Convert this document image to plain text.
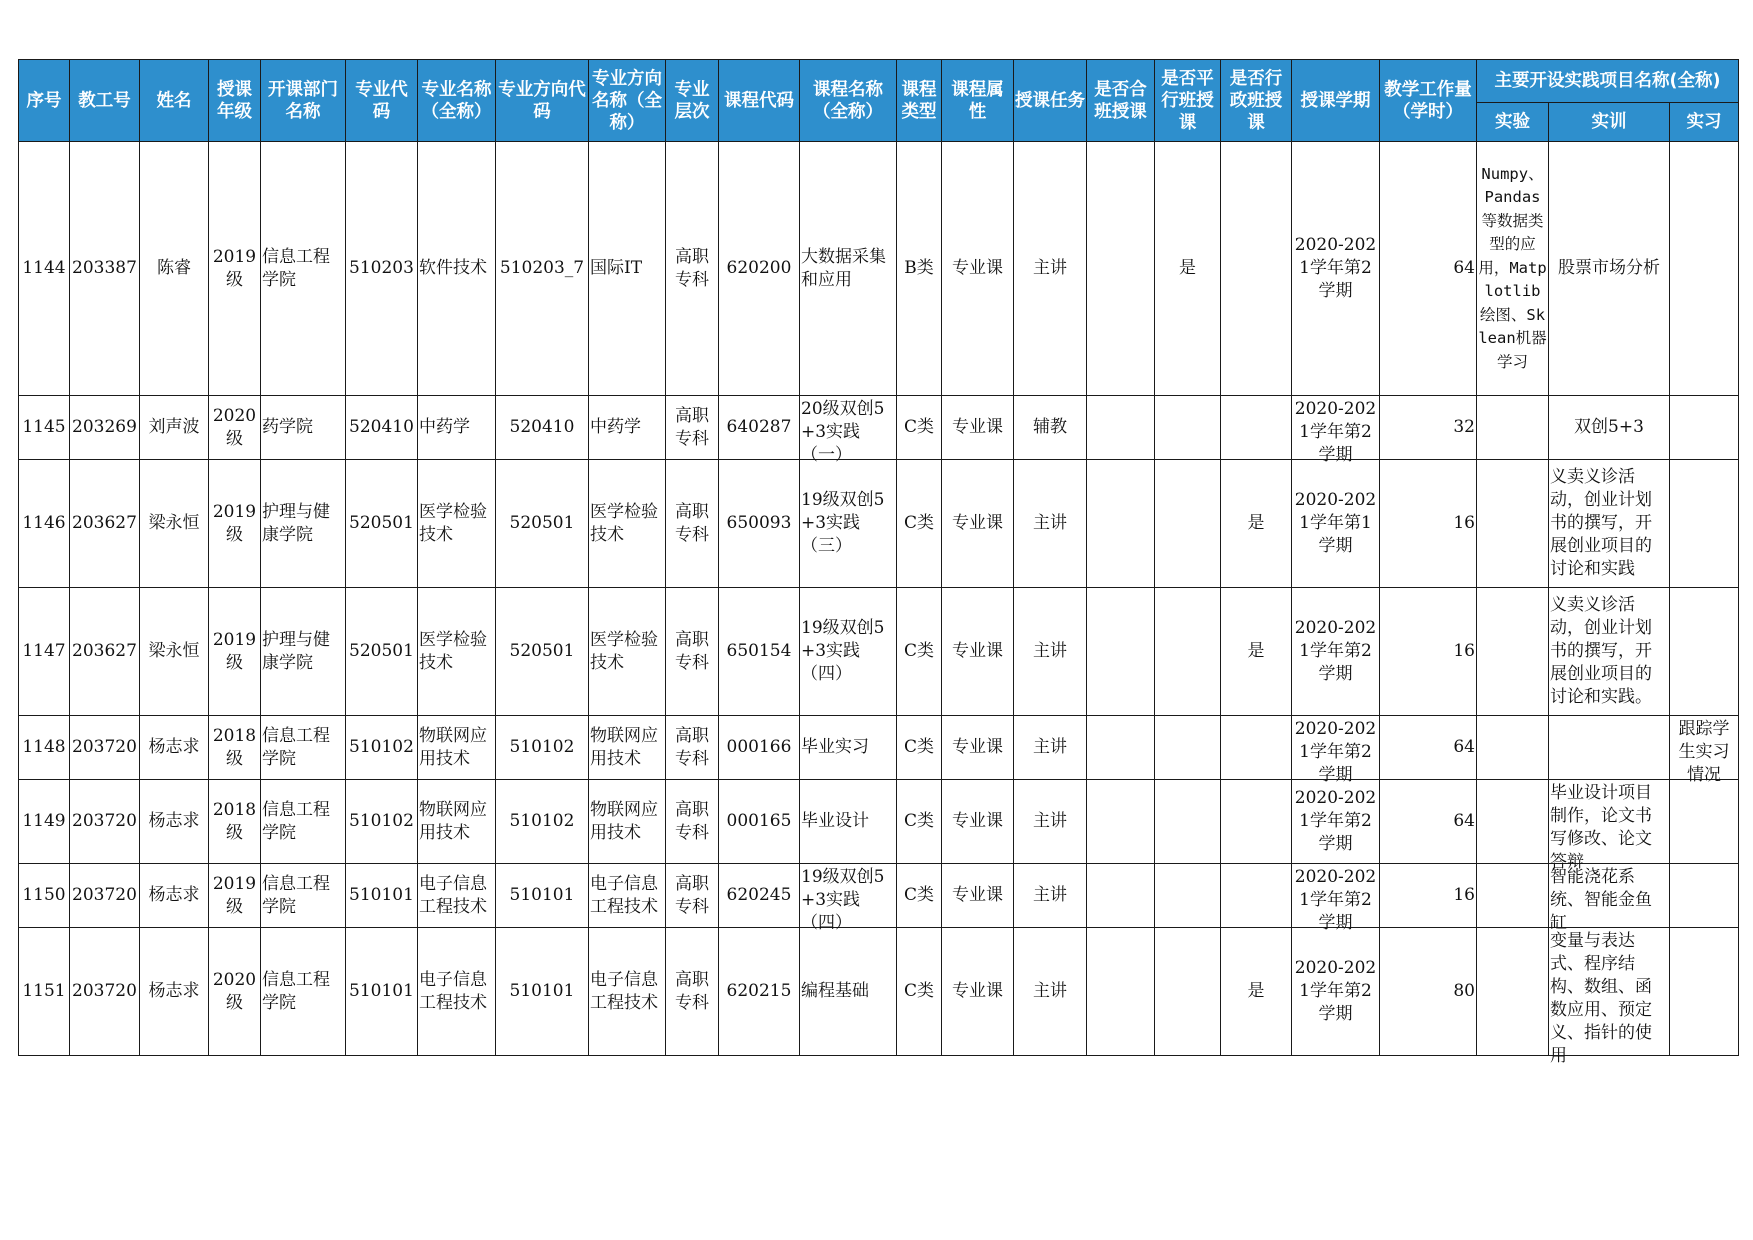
序号	教工号	姓名	授课年级	开课部门名称	专业代码	专业名称（全称）	专业方向代码	专业方向名称（全称）	专业层次	课程代码	课程名称（全称）	课程类型	课程属性	授课任务	是否合班授课	是否平行班授课	是否行政班授课	授课学期	教学工作量（学时）	主要开设实践项目名称(全称)		

																				实验	实训	实习

1144	203387	陈睿	2019级	信息工程学院	510203	软件技术	510203_7	国际IT	高职专科	620200	大数据采集和应用	B类	专业课	主讲		是		2020-2021学年第2学期	64	Numpy、Pandas等数据类型的应用，Matplotlib绘图、Sklean机器学习	股票市场分析	

1145	203269	刘声波	2020级	药学院	520410	中药学	520410	中药学	高职专科	640287	20级双创5+3实践（一）	C类	专业课	辅教				2020-2021学年第2学期	32		双创5+3	

1146	203627	梁永恒	2019级	护理与健康学院	520501	医学检验技术	520501	医学检验技术	高职专科	650093	19级双创5+3实践（三）	C类	专业课	主讲			是	2020-2021学年第1学期	16		义卖义诊活动，创业计划书的撰写，开展创业项目的讨论和实践	

1147	203627	梁永恒	2019级	护理与健康学院	520501	医学检验技术	520501	医学检验技术	高职专科	650154	19级双创5+3实践（四）	C类	专业课	主讲			是	2020-2021学年第2学期	16		义卖义诊活动，创业计划书的撰写，开展创业项目的讨论和实践。	

1148	203720	杨志求	2018级	信息工程学院	510102	物联网应用技术	510102	物联网应用技术	高职专科	000166	毕业实习	C类	专业课	主讲				2020-2021学年第2学期	64			跟踪学生实习情况

1149	203720	杨志求	2018级	信息工程学院	510102	物联网应用技术	510102	物联网应用技术	高职专科	000165	毕业设计	C类	专业课	主讲				2020-2021学年第2学期	64		毕业设计项目制作，论文书写修改、论文答辩	

1150	203720	杨志求	2019级	信息工程学院	510101	电子信息工程技术	510101	电子信息工程技术	高职专科	620245	19级双创5+3实践（四）	C类	专业课	主讲				2020-2021学年第2学期	16		智能浇花系统、智能金鱼缸	

1151	203720	杨志求	2020级	信息工程学院	510101	电子信息工程技术	510101	电子信息工程技术	高职专科	620215	编程基础	C类	专业课	主讲			是	2020-2021学年第2学期	80		变量与表达式、程序结构、数组、函数应用、预定义、指针的使用	
